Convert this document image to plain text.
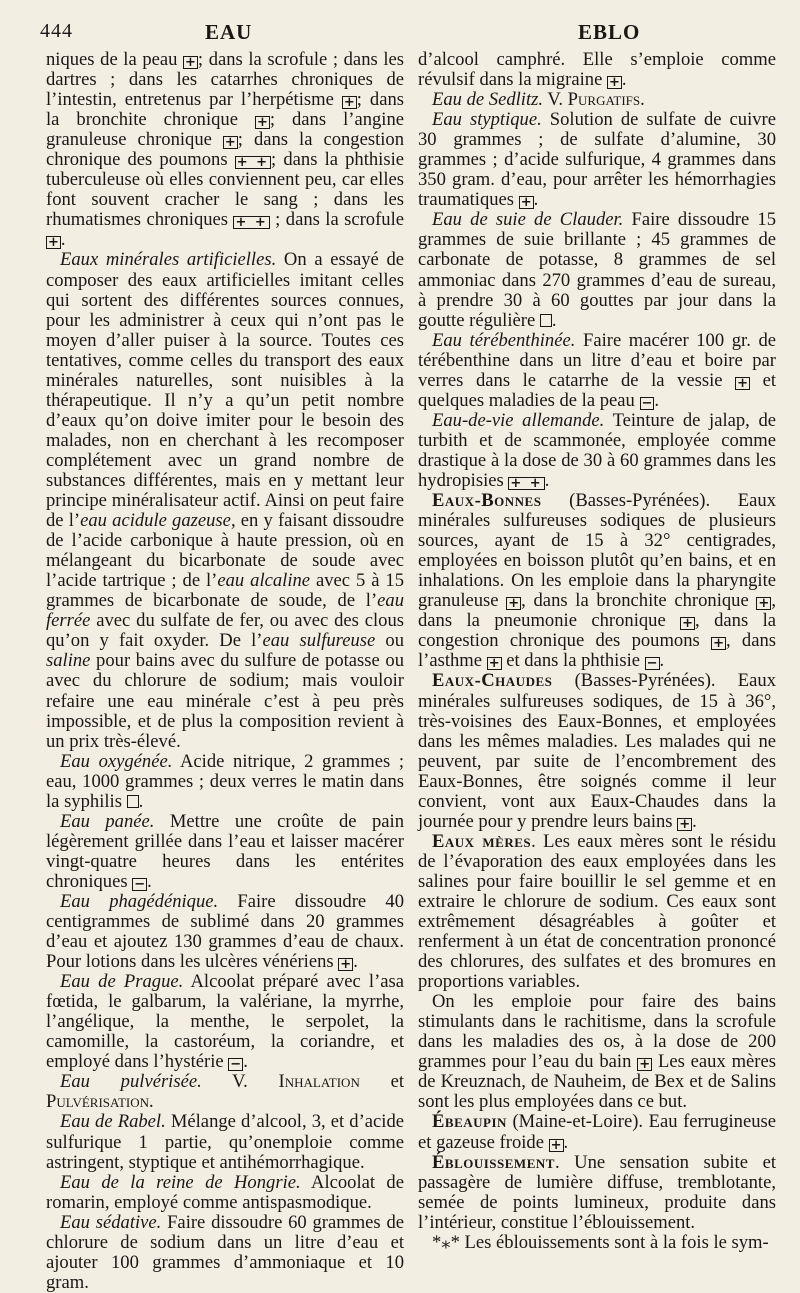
444	EAU	EBLO

niques de la peau + ; dans la scrofule ; dans les dartres ; dans les catarrhes chroniques de l’intestin, entretenus par l’herpétisme + ; dans la bronchite chronique + ; dans l’angine granuleuse chronique + ; dans la congestion chronique des poumons + + ; dans la phthisie tuberculeuse où elles conviennent peu, car elles font souvent cracher le sang ; dans les rhumatismes chroniques + + ; dans la scrofule + .

Eaux minérales artificielles. On a essayé de composer des eaux artificielles imitant celles qui sortent des différentes sources connues, pour les administrer à ceux qui n’ont pas le moyen d’aller puiser à la source. Toutes ces tentatives, comme celles du transport des eaux minérales naturelles, sont nuisibles à la thérapeutique. Il n’y a qu’un petit nombre d’eaux qu’on doive imiter pour le besoin des malades, non en cherchant à les recomposer complétement avec un grand nombre de substances différentes, mais en y mettant leur principe minéralisateur actif. Ainsi on peut faire de l’eau acidule gazeuse, en y faisant dissoudre de l’acide carbonique à haute pression, où en mélangeant du bicarbonate de soude avec l’acide tartrique ; de l’eau alcaline avec 5 à 15 grammes de bicarbonate de soude, de l’eau ferrée avec du sulfate de fer, ou avec des clous qu’on y fait oxyder. De l’eau sulfureuse ou saline pour bains avec du sulfure de potasse ou avec du chlorure de sodium; mais vouloir refaire une eau minérale c’est à peu près impossible, et de plus la composition revient à un prix très-élevé.

Eau oxygénée. Acide nitrique, 2 grammes ; eau, 1000 grammes ; deux verres le matin dans la syphilis .

Eau panée. Mettre une croûte de pain légèrement grillée dans l’eau et laisser macérer vingt-quatre heures dans les entérites chroniques − .

Eau phagédénique. Faire dissoudre 40 centigrammes de sublimé dans 20 grammes d’eau et ajoutez 130 grammes d’eau de chaux. Pour lotions dans les ulcères vénériens + .

Eau de Prague. Alcoolat préparé avec l’asa fœtida, le galbarum, la valériane, la myrrhe, l’angélique, la menthe, le serpolet, la camomille, la castoréum, la coriandre, et employé dans l’hystérie − .

Eau pulvérisée. V. Inhalation et Pulvérisation.

Eau de Rabel. Mélange d’alcool, 3, et d’acide sulfurique 1 partie, qu’onemploie comme astringent, styptique et antihémorrhagique.

Eau de la reine de Hongrie. Alcoolat de romarin, employé comme antispasmodique.

Eau sédative. Faire dissoudre 60 grammes de chlorure de sodium dans un litre d’eau et ajouter 100 grammes d’ammoniaque et 10 gram.

d’alcool camphré. Elle s’emploie comme révulsif dans la migraine + .

Eau de Sedlitz. V. Purgatifs.

Eau styptique. Solution de sulfate de cuivre 30 grammes ; de sulfate d’alumine, 30 grammes ; d’acide sulfurique, 4 grammes dans 350 gram. d’eau, pour arrêter les hémorrhagies traumatiques + .

Eau de suie de Clauder. Faire dissoudre 15 grammes de suie brillante ; 45 grammes de carbonate de potasse, 8 grammes de sel ammoniac dans 270 grammes d’eau de sureau, à prendre 30 à 60 gouttes par jour dans la goutte régulière .

Eau térébenthinée. Faire macérer 100 gr. de térébenthine dans un litre d’eau et boire par verres dans le catarrhe de la vessie + et quelques maladies de la peau − .

Eau-de-vie allemande. Teinture de jalap, de turbith et de scammonée, employée comme drastique à la dose de 30 à 60 grammes dans les hydropisies + + .

Eaux-Bonnes (Basses-Pyrénées). Eaux minérales sulfureuses sodiques de plusieurs sources, ayant de 15 à 32° centigrades, employées en boisson plutôt qu’en bains, et en inhalations. On les emploie dans la pharyngite granuleuse + , dans la bronchite chronique + , dans la pneumonie chronique + , dans la congestion chronique des poumons + , dans l’asthme + et dans la phthisie − .

Eaux-Chaudes (Basses-Pyrénées). Eaux minérales sulfureuses sodiques, de 15 à 36°, très-voisines des Eaux-Bonnes, et employées dans les mêmes maladies. Les malades qui ne peuvent, par suite de l’encombrement des Eaux-Bonnes, être soignés comme il leur convient, vont aux Eaux-Chaudes dans la journée pour y prendre leurs bains + .

Eaux mères. Les eaux mères sont le résidu de l’évaporation des eaux employées dans les salines pour faire bouillir le sel gemme et en extraire le chlorure de sodium. Ces eaux sont extrêmement désagréables à goûter et renferment à un état de concentration prononcé des chlorures, des sulfates et des bromures en proportions variables.

On les emploie pour faire des bains stimulants dans le rachitisme, dans la scrofule dans les maladies des os, à la dose de 200 grammes pour l’eau du bain + Les eaux mères de Kreuznach, de Nauheim, de Bex et de Salins sont les plus employées dans ce but.

Ébeaupin (Maine-et-Loire). Eau ferrugineuse et gazeuse froide + .

Éblouissement. Une sensation subite et passagère de lumière diffuse, tremblotante, semée de points lumineux, produite dans l’intérieur, constitue l’éblouissement.

*⁎* Les éblouissements sont à la fois le sym-
